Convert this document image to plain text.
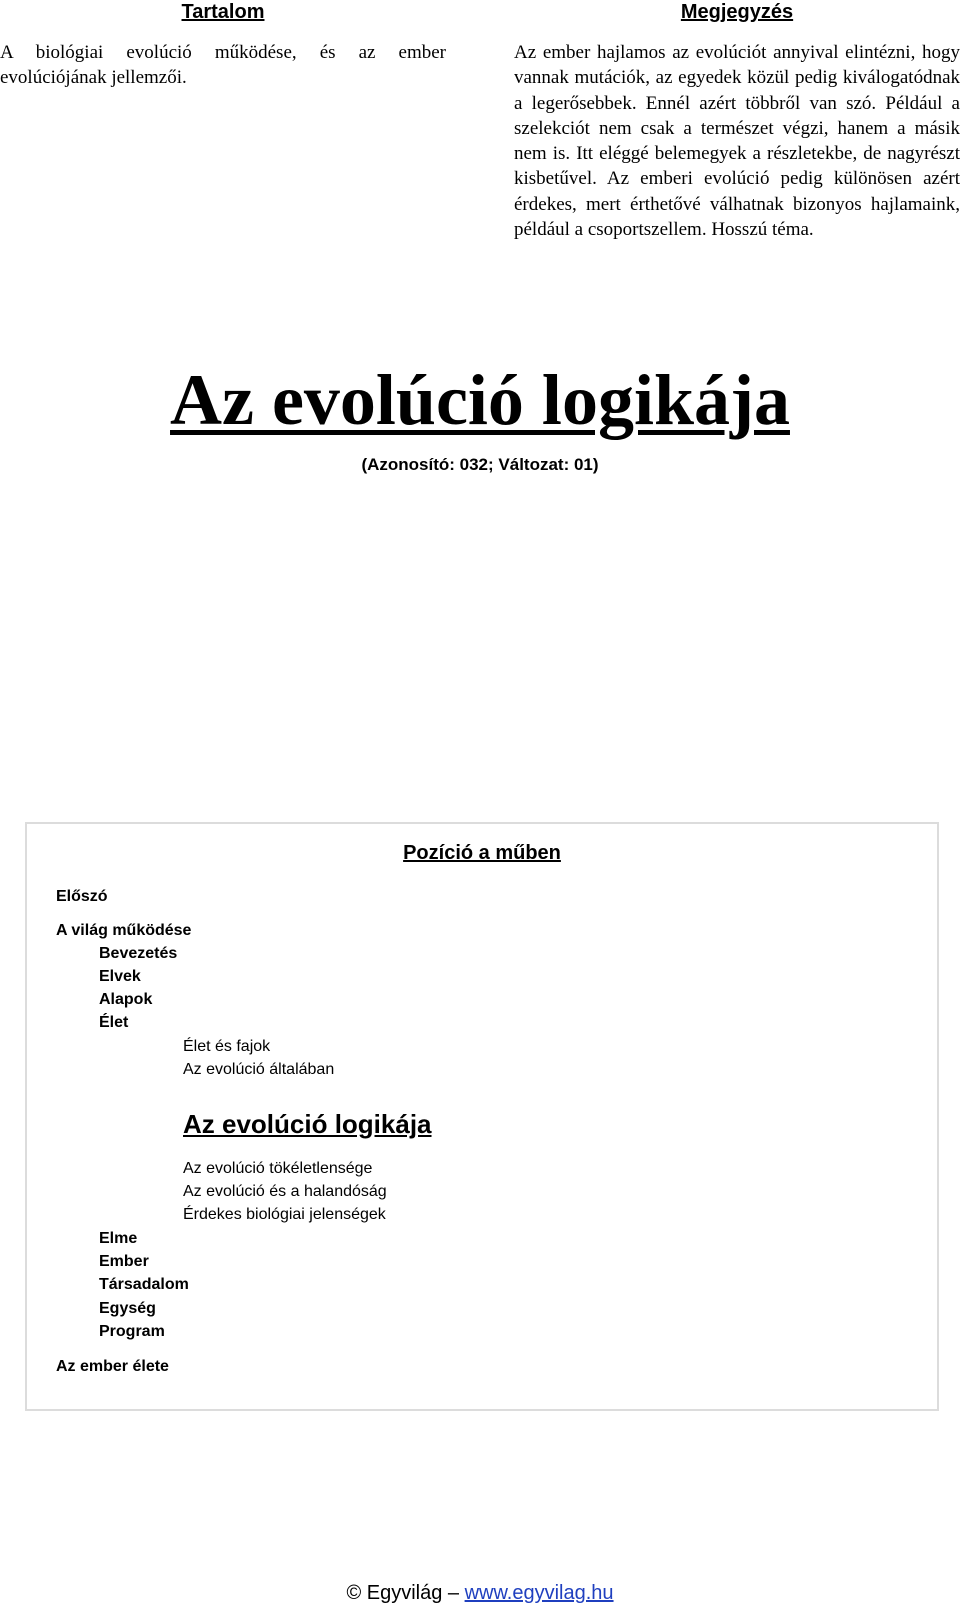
Tartalom

A biológiai evolúció működése, és az ember evolúciójának jellemzői.

Megjegyzés

Az ember hajlamos az evolúciót annyival elintézni, hogy vannak mutációk, az egyedek közül pedig kiválogatódnak a legerősebbek. Ennél azért többről van szó. Például a szelekciót nem csak a természet végzi, hanem a másik nem is. Itt eléggé belemegyek a részletekbe, de nagyrészt kisbetűvel. Az emberi evolúció pedig különösen azért érdekes, mert érthetővé válhatnak bizonyos hajlamaink, például a csoportszellem. Hosszú téma.

Az evolúció logikája
(Azonosító: 032; Változat: 01)
Pozíció a műben
Előszó
A világ működése
Bevezetés
Elvek
Alapok
Élet
Élet és fajok
Az evolúció általában
Az evolúció logikája
Az evolúció tökéletlensége
Az evolúció és a halandóság
Érdekes biológiai jelenségek
Elme
Ember
Társadalom
Egység
Program
Az ember élete
© Egyvilág – www.egyvilag.hu
